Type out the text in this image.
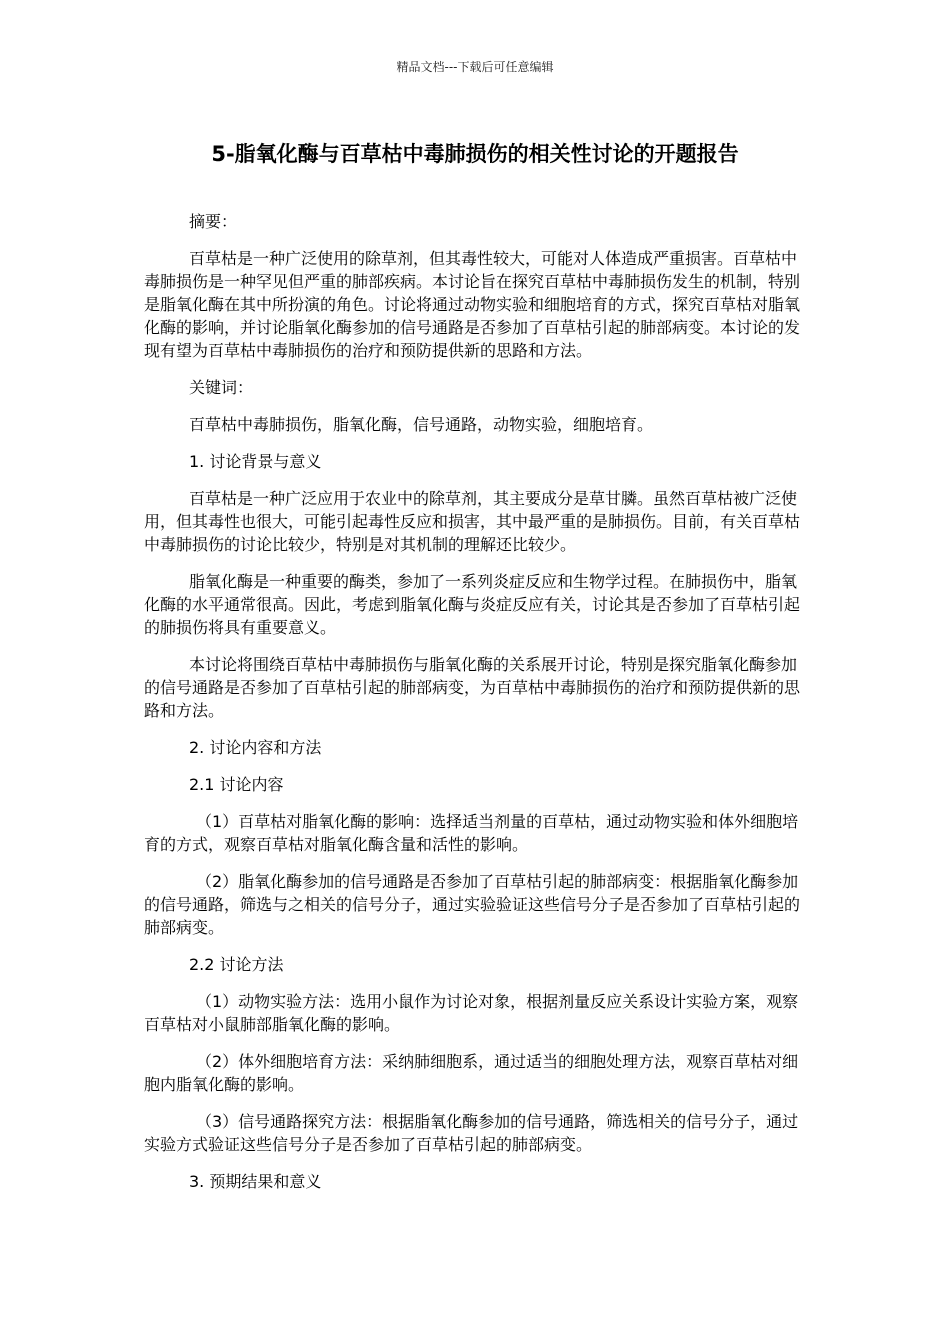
精品文档---下载后可任意编辑
5-脂氧化酶与百草枯中毒肺损伤的相关性讨论的开题报告

摘要：

百草枯是一种广泛使用的除草剂，但其毒性较大，可能对人体造成严重损害。百草枯中毒肺损伤是一种罕见但严重的肺部疾病。本讨论旨在探究百草枯中毒肺损伤发生的机制，特别是脂氧化酶在其中所扮演的角色。讨论将通过动物实验和细胞培育的方式，探究百草枯对脂氧化酶的影响，并讨论脂氧化酶参加的信号通路是否参加了百草枯引起的肺部病变。本讨论的发现有望为百草枯中毒肺损伤的治疗和预防提供新的思路和方法。

关键词：

百草枯中毒肺损伤，脂氧化酶，信号通路，动物实验，细胞培育。

1. 讨论背景与意义

百草枯是一种广泛应用于农业中的除草剂，其主要成分是草甘膦。虽然百草枯被广泛使用，但其毒性也很大，可能引起毒性反应和损害，其中最严重的是肺损伤。目前，有关百草枯中毒肺损伤的讨论比较少，特别是对其机制的理解还比较少。

脂氧化酶是一种重要的酶类，参加了一系列炎症反应和生物学过程。在肺损伤中，脂氧化酶的水平通常很高。因此，考虑到脂氧化酶与炎症反应有关，讨论其是否参加了百草枯引起的肺损伤将具有重要意义。

本讨论将围绕百草枯中毒肺损伤与脂氧化酶的关系展开讨论，特别是探究脂氧化酶参加的信号通路是否参加了百草枯引起的肺部病变，为百草枯中毒肺损伤的治疗和预防提供新的思路和方法。

2. 讨论内容和方法

2.1 讨论内容

（1）百草枯对脂氧化酶的影响：选择适当剂量的百草枯，通过动物实验和体外细胞培育的方式，观察百草枯对脂氧化酶含量和活性的影响。

（2）脂氧化酶参加的信号通路是否参加了百草枯引起的肺部病变：根据脂氧化酶参加的信号通路，筛选与之相关的信号分子，通过实验验证这些信号分子是否参加了百草枯引起的肺部病变。

2.2 讨论方法

（1）动物实验方法：选用小鼠作为讨论对象，根据剂量反应关系设计实验方案，观察百草枯对小鼠肺部脂氧化酶的影响。

（2）体外细胞培育方法：采纳肺细胞系，通过适当的细胞处理方法，观察百草枯对细胞内脂氧化酶的影响。

（3）信号通路探究方法：根据脂氧化酶参加的信号通路，筛选相关的信号分子，通过实验方式验证这些信号分子是否参加了百草枯引起的肺部病变。

3. 预期结果和意义
